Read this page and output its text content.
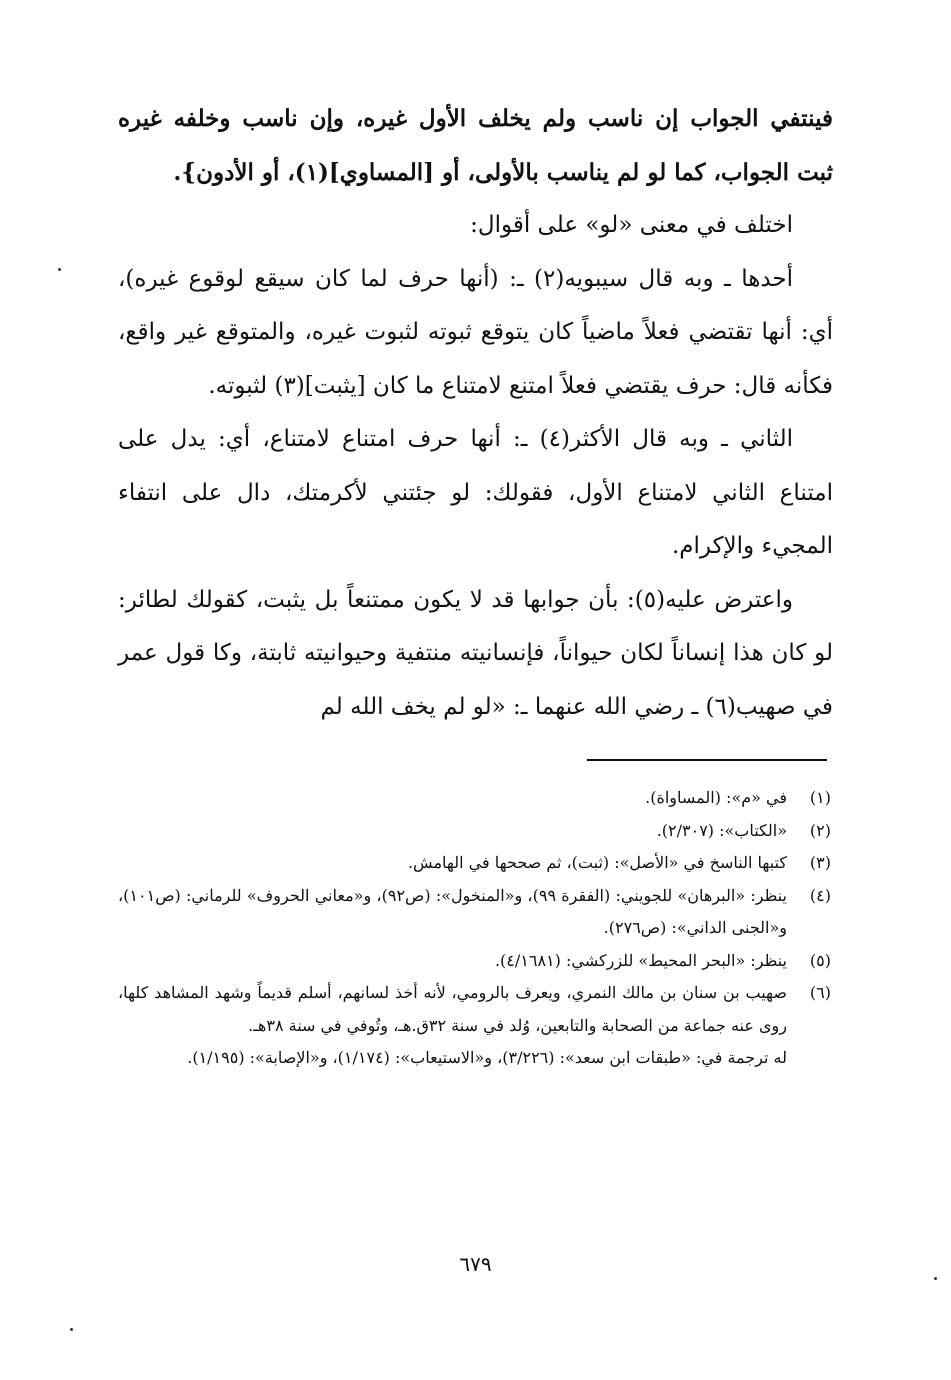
فينتفي الجواب إن ناسب ولم يخلف الأول غيره، وإن ناسب وخلفه غيره ثبت الجواب، كما لو لم يناسب بالأولى، أو [المساوي](١)، أو الأدون}.

اختلف في معنى «لو» على أقوال:

أحدها ـ وبه قال سيبويه(٢) ـ: (أنها حرف لما كان سيقع لوقوع غيره)، أي: أنها تقتضي فعلاً ماضياً كان يتوقع ثبوته لثبوت غيره، والمتوقع غير واقع، فكأنه قال: حرف يقتضي فعلاً امتنع لامتناع ما كان [يثبت](٣) لثبوته.

الثاني ـ وبه قال الأكثر(٤) ـ: أنها حرف امتناع لامتناع، أي: يدل على امتناع الثاني لامتناع الأول، فقولك: لو جئتني لأكرمتك، دال على انتفاء المجيء والإكرام.

واعترض عليه(٥): بأن جوابها قد لا يكون ممتنعاً بل يثبت، كقولك لطائر: لو كان هذا إنساناً لكان حيواناً، فإنسانيته منتفية وحيوانيته ثابتة، وكا قول عمر في صهيب(٦) ـ رضي الله عنهما ـ: «لو لم يخف الله لم

(١)
في «م»: (المساواة).
(٢)
«الكتاب»: (٢/٣٠٧).
(٣)
كتبها الناسخ في «الأصل»: (ثبت)، ثم صححها في الهامش.
(٤)
ينظر: «البرهان» للجويني: (الفقرة ٩٩)، و«المنخول»: (ص٩٢)، و«معاني الحروف» للرماني: (ص١٠١)، و«الجنى الداني»: (ص٢٧٦).
(٥)
ينظر: «البحر المحيط» للزركشي: (٤/١٦٨١).
(٦)
صهيب بن سنان بن مالك النمري، ويعرف بالرومي، لأنه أخذ لسانهم، أسلم قديماً وشهد المشاهد كلها، روى عنه جماعة من الصحابة والتابعين، وُلد في سنة ٣٢ق.هـ، وتُوفي في سنة ٣٨هـ.

له ترجمة في: «طبقات ابن سعد»: (٣/٢٢٦)، و«الاستيعاب»: (١/١٧٤)، و«الإصابة»: (١/١٩٥).

٦٧٩
